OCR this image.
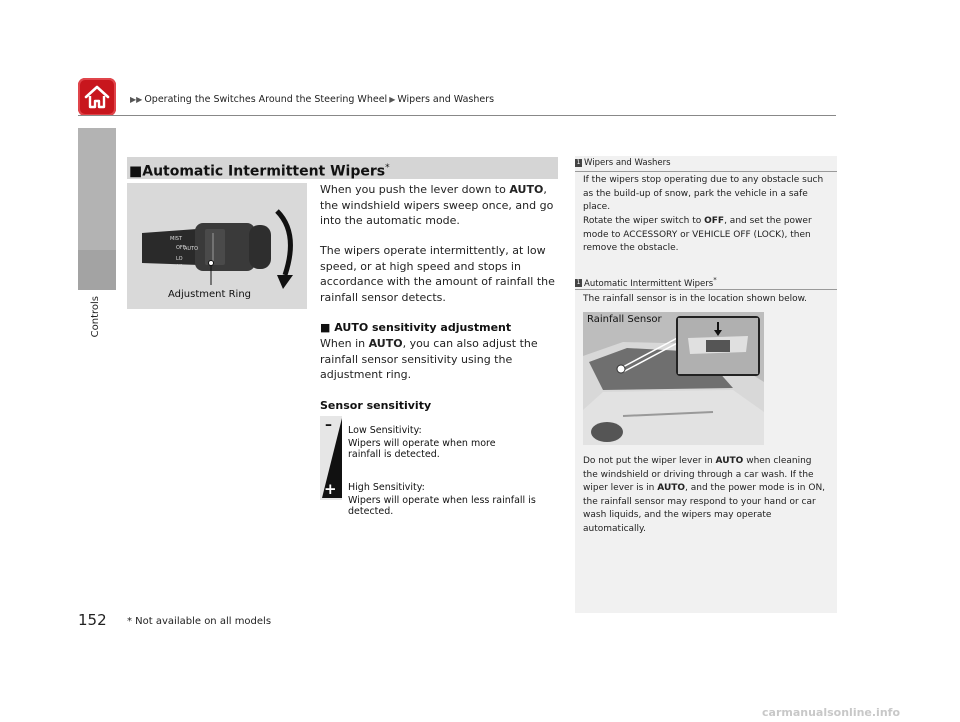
▶▶ Operating the Switches Around the Steering Wheel ▶ Wipers and Washers
Controls
■Automatic Intermittent Wipers*
MIST
OFF
AUTO
LO
HI
Adjustment Ring
When you push the lever down to AUTO, the windshield wipers sweep once, and go into the automatic mode.
The wipers operate intermittently, at low speed, or at high speed and stops in accordance with the amount of rainfall the rainfall sensor detects.
■ AUTO sensitivity adjustment
When in AUTO, you can also adjust the rainfall sensor sensitivity using the adjustment ring.
Sensor sensitivity
–
+
Low Sensitivity:
Wipers will operate when more rainfall is detected.
High Sensitivity:
Wipers will operate when less rainfall is detected.
1 Wipers and Washers
If the wipers stop operating due to any obstacle such as the build-up of snow, park the vehicle in a safe place.
Rotate the wiper switch to OFF, and set the power mode to ACCESSORY or VEHICLE OFF (LOCK), then remove the obstacle.
1 Automatic Intermittent Wipers*
The rainfall sensor is in the location shown below.
Rainfall Sensor
Do not put the wiper lever in AUTO when cleaning the windshield or driving through a car wash. If the wiper lever is in AUTO, and the power mode is in ON, the rainfall sensor may respond to your hand or car wash liquids, and the wipers may operate automatically.
152 * Not available on all models
carmanualsonline.info
